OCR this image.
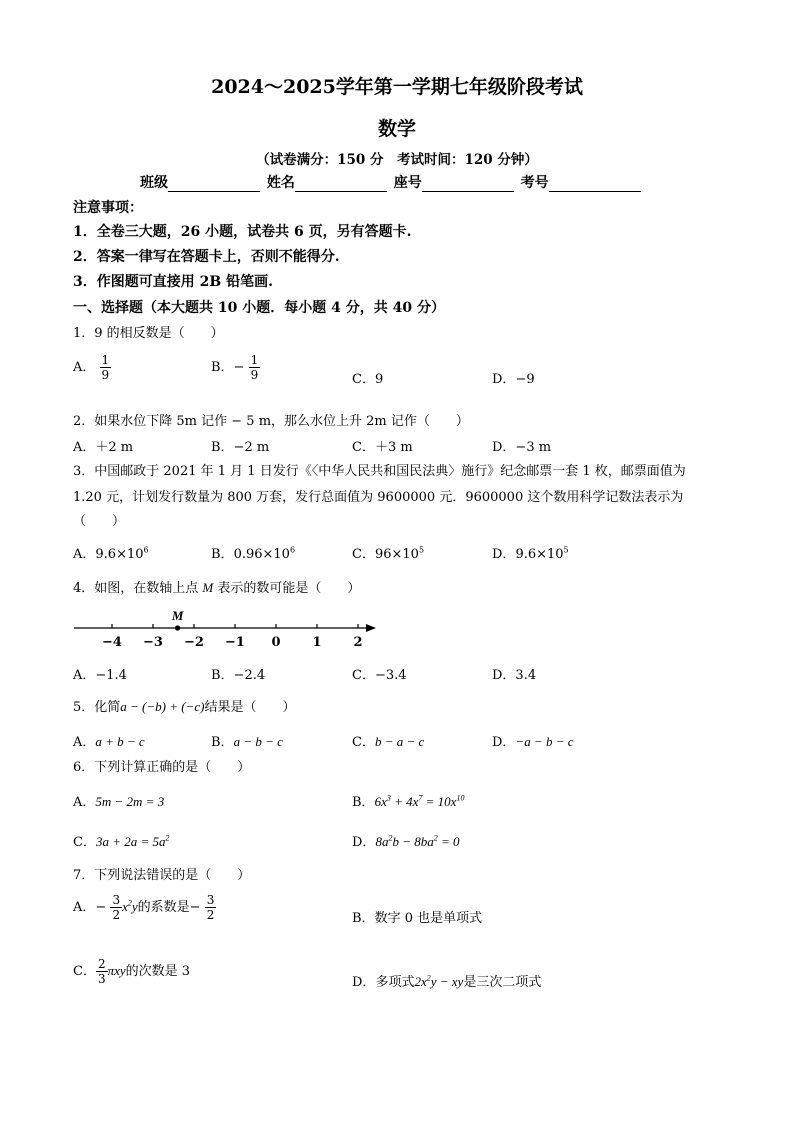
2024～2025学年第一学期七年级阶段考试
数学
（试卷满分：150 分　考试时间：120 分钟）
班级	姓名	座号	考号
注意事项：
1．全卷三大题，26 小题，试卷共 6 页，另有答题卡.
2．答案一律写在答题卡上，否则不能得分.
3．作图题可直接用 2B 铅笔画.
一、选择题（本大题共 10 小题．每小题 4 分，共 40 分）
1．9 的相反数是（　　）
A． $\frac{1}{9}$	B．− $\frac{1}{9}$	C．9	D．−9
2．如果水位下降 5m 记作 − 5 m，那么水位上升 2m 记作（　　）
A．＋2 m	B．−2 m	C．＋3 m	D．−3 m
3．中国邮政于 2021 年 1 月 1 日发行《〈中华人民共和国民法典〉施行》纪念邮票一套 1 枚，邮票面值为
1.20 元，计划发行数量为 800 万套，发行总面值为 9600000 元．9600000 这个数用科学记数法表示为
（　　）
A．$9.6\times 10^6$	B．$0.96\times 10^6$	C．$96\times 10^5$	D．$9.6\times 10^5$
4．如图，在数轴上点 M 表示的数可能是（　　）
−4 −3 −2 −1 0 1 2
M
A．−1.4	B．−2.4	C．−3.4	D．3.4
5．化简a − (−b) + (−c)结果是（　　）
A．a + b − c	B．a − b − c	C．b − a − c	D．−a − b − c
6．下列计算正确的是（　　）
A．5m − 2m = 3	B．$6x^3 + 4x^7 = 10x^{10}$
C．$3a + 2a = 5a^2$	D．$8a^2b - 8ba^2 = 0$
7．下列说法错误的是（　　）
A．− $\frac{3}{2} x^2y$的系数是− $\frac{3}{2}$	B．数字 0 也是单项式
C． $\frac{2}{3}$ πxy的次数是 3
D．多项式$2x^2y$ − xy是三次二项式
